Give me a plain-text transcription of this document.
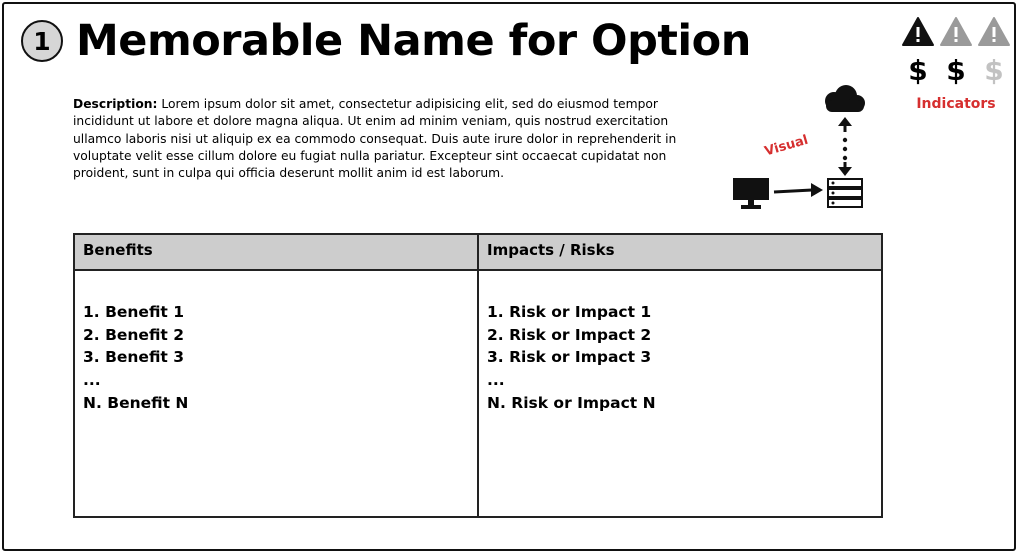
1 Memorable Name for Option
$ $ $
Indicators

Description: Lorem ipsum dolor sit amet, consectetur adipisicing elit, sed do eiusmod tempor incididunt ut labore et dolore magna aliqua. Ut enim ad minim veniam, quis nostrud exercitation ullamco laboris nisi ut aliquip ex ea commodo consequat. Duis aute irure dolor in reprehenderit in voluptate velit esse cillum dolore eu fugiat nulla pariatur. Excepteur sint occaecat cupidatat non proident, sunt in culpa qui officia deserunt mollit anim id est laborum.

Visual
Benefits
1. Benefit 1
2. Benefit 2
3. Benefit 3
...
N. Benefit N
Impacts / Risks
1. Risk or Impact 1
2. Risk or Impact 2
3. Risk or Impact 3
...
N. Risk or Impact N
